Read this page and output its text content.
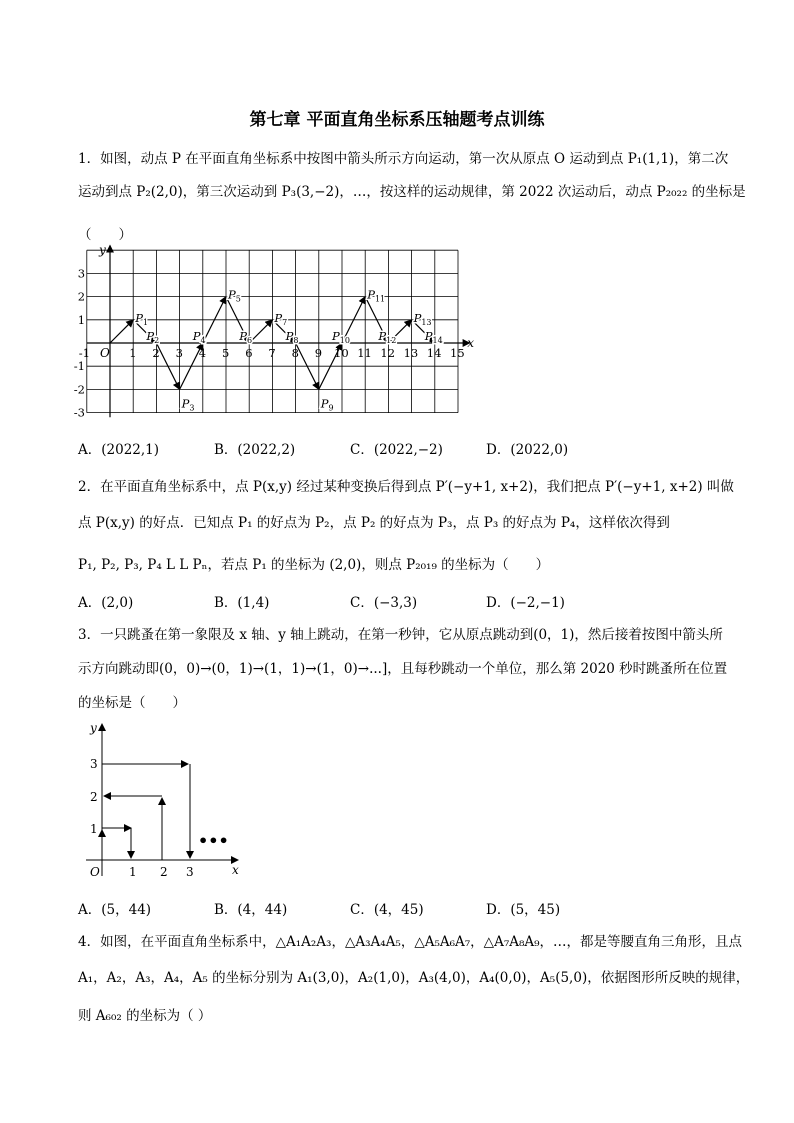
第七章 平面直角坐标系压轴题考点训练
1．如图，动点 P 在平面直角坐标系中按图中箭头所示方向运动，第一次从原点 O 运动到点 P₁(1,1)，第二次
运动到点 P₂(2,0)，第三次运动到 P₃(3,−2)，…，按这样的运动规律，第 2022 次运动后，动点 P₂₀₂₂ 的坐标是
（　　）
y
x
O
-1	1 2 3 4 5 6 7 8 9 10 11 12 13 14 15
3
2
1
-1
-2
-3
$P_1$
$P_2$
$P_3$
$P_4$
$P_5$
$P_6$
$P_7$
$P_8$
$P_9$
$P_{10}$
$P_{11}$
$P_{12}$
$P_{13}$
$P_{14}$
A．(2022,1)	B．(2022,2)	C．(2022,−2)	D．(2022,0)
2．在平面直角坐标系中，点 P(x,y) 经过某种变换后得到点 P′(−y+1, x+2)，我们把点 P′(−y+1, x+2) 叫做
点 P(x,y) 的好点．已知点 P₁ 的好点为 P₂，点 P₂ 的好点为 P₃，点 P₃ 的好点为 P₄，这样依次得到
P₁, P₂, P₃, P₄ L L Pₙ，若点 P₁ 的坐标为 (2,0)，则点 P₂₀₁₉ 的坐标为（　　）
A．(2,0)	B．(1,4)	C．(−3,3)	D．(−2,−1)
3．一只跳蚤在第一象限及 x 轴、y 轴上跳动，在第一秒钟，它从原点跳动到(0，1)，然后接着按图中箭头所
示方向跳动即(0，0)→(0，1)→(1，1)→(1，0)→...]，且每秒跳动一个单位，那么第 2020 秒时跳蚤所在位置
的坐标是（　　）
y
x
O 1 2 3
1
2
3
•••
A．(5，44)	B．(4，44)	C．(4，45)	D．(5，45)
4．如图，在平面直角坐标系中，△A₁A₂A₃，△A₃A₄A₅，△A₅A₆A₇，△A₇A₈A₉，…，都是等腰直角三角形，且点
A₁，A₂，A₃，A₄，A₅ 的坐标分别为 A₁(3,0)，A₂(1,0)，A₃(4,0)，A₄(0,0)，A₅(5,0)，依据图形所反映的规律，
则 A₆₀₂ 的坐标为（ ）
